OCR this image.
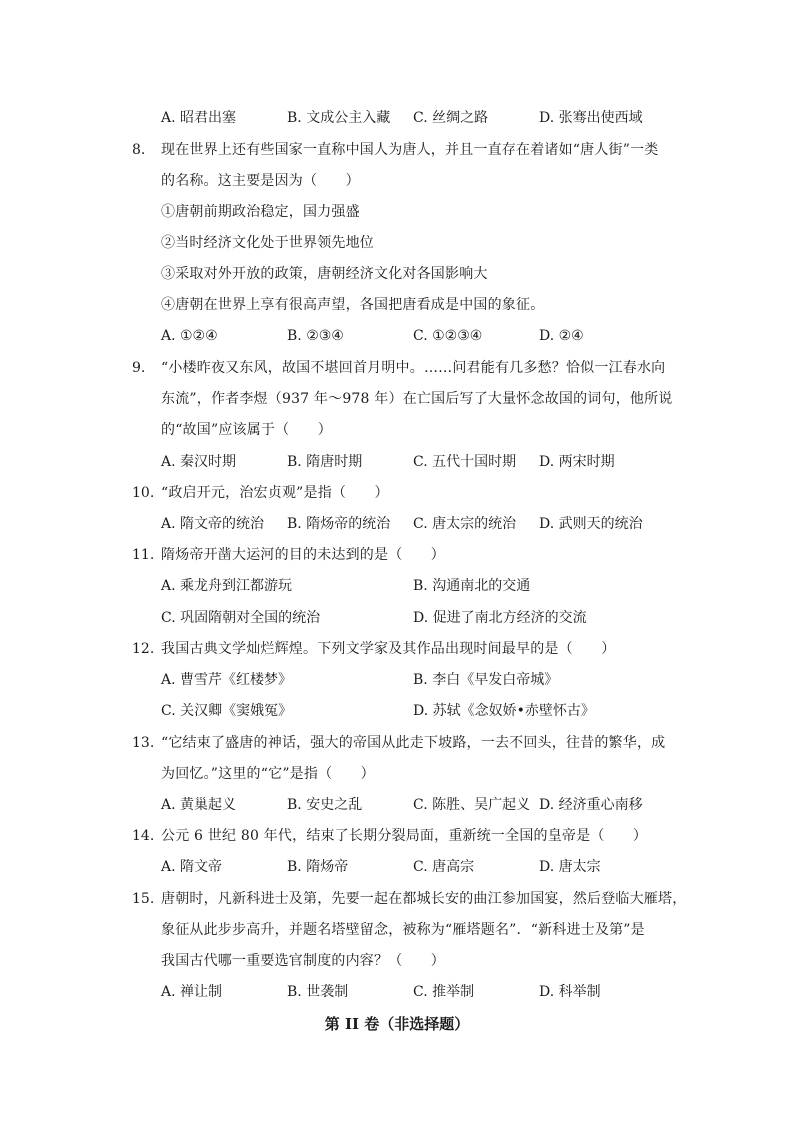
A. 昭君出塞	B. 文成公主入藏 C. 丝绸之路	D. 张骞出使西域
8. 现在世界上还有些国家一直称中国人为唐人，并且一直存在着诸如“唐人街”一类
的名称。这主要是因为（　　）
①唐朝前期政治稳定，国力强盛
②当时经济文化处于世界领先地位
③采取对外开放的政策，唐朝经济文化对各国影响大
④唐朝在世界上享有很高声望，各国把唐看成是中国的象征。
A. ①②④	B. ②③④	C. ①②③④	D. ②④
9. “小楼昨夜又东风，故国不堪回首月明中。……问君能有几多愁？恰似一江春水向
东流”，作者李煜（937 年～978 年）在亡国后写了大量怀念故国的词句，他所说
的“故国”应该属于（　　）
A. 秦汉时期	B. 隋唐时期	C. 五代十国时期 D. 两宋时期
10. “政启开元，治宏贞观”是指（　　）
A. 隋文帝的统治 B. 隋炀帝的统治 C. 唐太宗的统治 D. 武则天的统治
11. 隋炀帝开凿大运河的目的未达到的是（　　）
A. 乘龙舟到江都游玩	B. 沟通南北的交通
C. 巩固隋朝对全国的统治	D. 促进了南北方经济的交流
12. 我国古典文学灿烂辉煌。下列文学家及其作品出现时间最早的是（　　）
A. 曹雪芹《红楼梦》	B. 李白《早发白帝城》
C. 关汉卿《窦娥冤》	D. 苏轼《念奴娇•赤壁怀古》
13. “它结束了盛唐的神话，强大的帝国从此走下坡路，一去不回头，往昔的繁华，成
为回忆。”这里的“它”是指（　　）
A. 黄巢起义	B. 安史之乱	C. 陈胜、吴广起义 D. 经济重心南移
14. 公元 6 世纪 80 年代，结束了长期分裂局面，重新统一全国的皇帝是（　　）
A. 隋文帝	B. 隋炀帝	C. 唐高宗	D. 唐太宗
15. 唐朝时，凡新科进士及第，先要一起在都城长安的曲江参加国宴，然后登临大雁塔，
象征从此步步高升，并题名塔壁留念，被称为“雁塔题名”．“新科进士及第”是
我国古代哪一重要选官制度的内容？（　　）
A. 禅让制	B. 世袭制	C. 推举制	D. 科举制
第 II 卷（非选择题）
